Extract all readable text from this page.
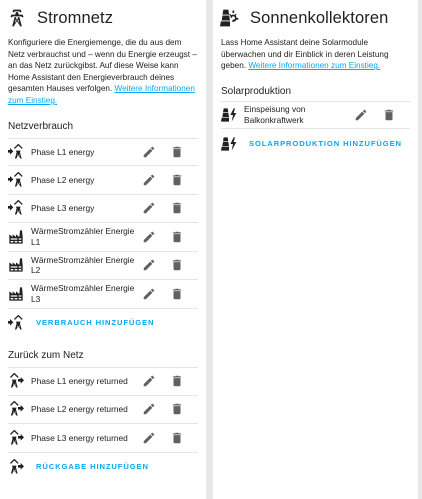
Stromnetz
Konfiguriere die Energiemenge, die du aus dem Netz verbrauchst und – wenn du Energie erzeugst – an das Netz zurückgibst. Auf diese Weise kann Home Assistant den Energieverbrauch deines gesamten Hauses verfolgen. Weitere Informationen zum Einstieg.
Netzverbrauch
Phase L1 energy
Phase L2 energy
Phase L3 energy
WärmeStromzähler Energie L1
WärmeStromzähler Energie L2
WärmeStromzähler Energie L3
VERBRAUCH HINZUFÜGEN
Zurück zum Netz
Phase L1 energy returned
Phase L2 energy returned
Phase L3 energy returned
RÜCKGABE HINZUFÜGEN
Sonnenkollektoren
Lass Home Assistant deine Solarmodule überwachen und dir Einblick in deren Leistung geben. Weitere Informationen zum Einstieg.
Solarproduktion
Einspeisung von Balkonkraftwerk
SOLARPRODUKTION HINZUFÜGEN
